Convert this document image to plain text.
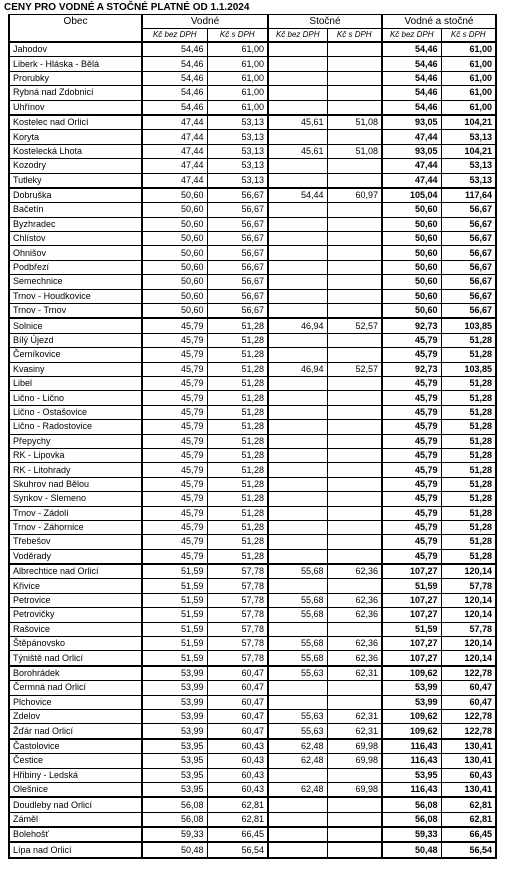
CENY PRO VODNÉ A STOČNÉ PLATNÉ OD 1.1.2024
Obec	Vodné		Stočné		Vodné a stočné	
	Kč bez DPH	Kč s DPH	Kč bez DPH	Kč s DPH	Kč bez DPH	Kč s DPH
Jahodov	54,46	61,00			54,46	61,00
Liberk - Hláska - Bělá	54,46	61,00			54,46	61,00
Prorubky	54,46	61,00			54,46	61,00
Rybná nad Zdobnicí	54,46	61,00			54,46	61,00
Uhřínov	54,46	61,00			54,46	61,00
Kostelec nad Orlicí	47,44	53,13	45,61	51,08	93,05	104,21
Koryta	47,44	53,13			47,44	53,13
Kostelecká Lhota	47,44	53,13	45,61	51,08	93,05	104,21
Kozodry	47,44	53,13			47,44	53,13
Tutleky	47,44	53,13			47,44	53,13
Dobruška	50,60	56,67	54,44	60,97	105,04	117,64
Bačetín	50,60	56,67			50,60	56,67
Byzhradec	50,60	56,67			50,60	56,67
Chlístov	50,60	56,67			50,60	56,67
Ohnišov	50,60	56,67			50,60	56,67
Podbřezí	50,60	56,67			50,60	56,67
Semechnice	50,60	56,67			50,60	56,67
Trnov - Houdkovice	50,60	56,67			50,60	56,67
Trnov - Trnov	50,60	56,67			50,60	56,67
Solnice	45,79	51,28	46,94	52,57	92,73	103,85
Bílý Újezd	45,79	51,28			45,79	51,28
Černíkovice	45,79	51,28			45,79	51,28
Kvasiny	45,79	51,28	46,94	52,57	92,73	103,85
Libel	45,79	51,28			45,79	51,28
Lično - Lično	45,79	51,28			45,79	51,28
Lično - Ostašovice	45,79	51,28			45,79	51,28
Lično - Radostovice	45,79	51,28			45,79	51,28
Přepychy	45,79	51,28			45,79	51,28
RK - Lipovka	45,79	51,28			45,79	51,28
RK - Litohrady	45,79	51,28			45,79	51,28
Skuhrov nad Bělou	45,79	51,28			45,79	51,28
Synkov - Slemeno	45,79	51,28			45,79	51,28
Trnov - Zádolí	45,79	51,28			45,79	51,28
Trnov - Záhornice	45,79	51,28			45,79	51,28
Třebešov	45,79	51,28			45,79	51,28
Voděrady	45,79	51,28			45,79	51,28
Albrechtice nad Orlicí	51,59	57,78	55,68	62,36	107,27	120,14
Křivice	51,59	57,78			51,59	57,78
Petrovice	51,59	57,78	55,68	62,36	107,27	120,14
Petrovičky	51,59	57,78	55,68	62,36	107,27	120,14
Rašovice	51,59	57,78			51,59	57,78
Štěpánovsko	51,59	57,78	55,68	62,36	107,27	120,14
Týniště nad Orlicí	51,59	57,78	55,68	62,36	107,27	120,14
Borohrádek	53,99	60,47	55,63	62,31	109,62	122,78
Čermná nad Orlicí	53,99	60,47			53,99	60,47
Plchovice	53,99	60,47			53,99	60,47
Zdelov	53,99	60,47	55,63	62,31	109,62	122,78
Žďár nad Orlicí	53,99	60,47	55,63	62,31	109,62	122,78
Častolovice	53,95	60,43	62,48	69,98	116,43	130,41
Čestice	53,95	60,43	62,48	69,98	116,43	130,41
Hřibiny - Ledská	53,95	60,43			53,95	60,43
Olešnice	53,95	60,43	62,48	69,98	116,43	130,41
Doudleby nad Orlicí	56,08	62,81			56,08	62,81
Záměl	56,08	62,81			56,08	62,81
Bolehošť	59,33	66,45			59,33	66,45
Lípa nad Orlicí	50,48	56,54			50,48	56,54
